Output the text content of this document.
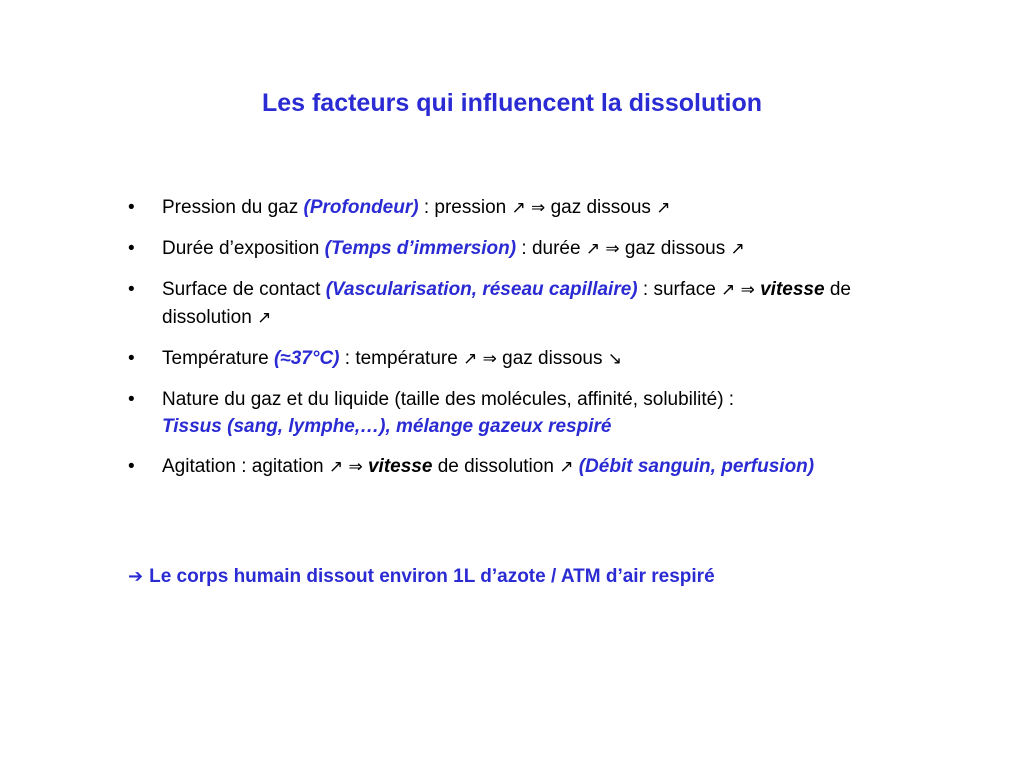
Les facteurs qui influencent la dissolution
• Pression du gaz (Profondeur) : pression ↗ ⇒ gaz dissous ↗
• Durée d’exposition (Temps d’immersion) : durée ↗ ⇒ gaz dissous ↗
• Surface de contact (Vascularisation, réseau capillaire) : surface ↗ ⇒ vitesse de dissolution ↗
• Température (≈37°C) : température ↗ ⇒ gaz dissous ↘
• Nature du gaz et du liquide (taille des molécules, affinité, solubilité) :
Tissus (sang, lymphe,…), mélange gazeux respiré
• Agitation : agitation ↗ ⇒ vitesse de dissolution ↗ (Débit sanguin, perfusion)
➔ Le corps humain dissout environ 1L d’azote / ATM d’air respiré
